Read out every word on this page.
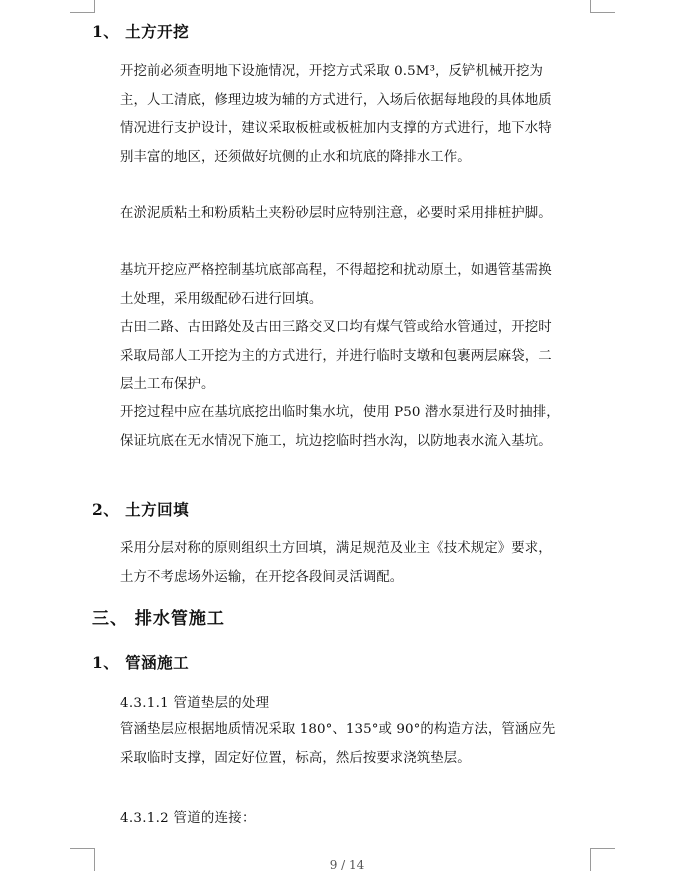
1、 土方开挖
开挖前必须查明地下设施情况，开挖方式采取 0.5M³，反铲机械开挖为主，人工清底，修理边坡为辅的方式进行，入场后依据每地段的具体地质情况进行支护设计，建议采取板桩或板桩加内支撑的方式进行，地下水特别丰富的地区，还须做好坑侧的止水和坑底的降排水工作。
在淤泥质粘土和粉质粘土夹粉砂层时应特别注意，必要时采用排桩护脚。
基坑开挖应严格控制基坑底部高程，不得超挖和扰动原土，如遇管基需换土处理，采用级配砂石进行回填。
古田二路、古田路处及古田三路交叉口均有煤气管或给水管通过，开挖时采取局部人工开挖为主的方式进行，并进行临时支墩和包裹两层麻袋，二层土工布保护。
开挖过程中应在基坑底挖出临时集水坑，使用 P50 潜水泵进行及时抽排，保证坑底在无水情况下施工，坑边挖临时挡水沟，以防地表水流入基坑。
2、 土方回填
采用分层对称的原则组织土方回填，满足规范及业主《技术规定》要求，土方不考虑场外运输，在开挖各段间灵活调配。
三、 排水管施工
1、 管涵施工
4.3.1.1 管道垫层的处理
管涵垫层应根据地质情况采取 180°、135°或 90°的构造方法，管涵应先采取临时支撑，固定好位置，标高，然后按要求浇筑垫层。
4.3.1.2 管道的连接：
9 / 14
